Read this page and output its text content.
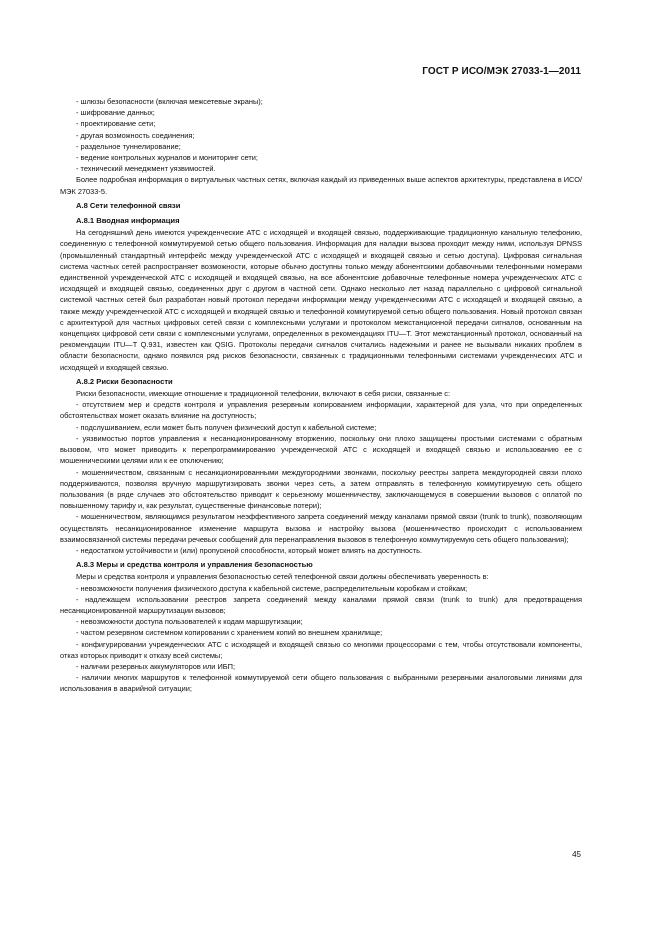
ГОСТ Р ИСО/МЭК 27033-1—2011

- шлюзы безопасности (включая межсетевые экраны);

- шифрование данных;

- проектирование сети;

- другая возможность соединения;

- раздельное туннелирование;

- ведение контрольных журналов и мониторинг сети;

- технический менеджмент уязвимостей.

Более подробная информация о виртуальных частных сетях, включая каждый из приведенных выше аспектов архитектуры, представлена в ИСО/МЭК 27033-5.

А.8 Сети телефонной связи
А.8.1 Вводная информация

На сегодняшний день имеются учрежденческие АТС с исходящей и входящей связью, поддерживающие традиционную канальную телефонию, соединенную с телефонной коммутируемой сетью общего пользования. Информация для наладки вызова проходит между ними, используя DPNSS (промышленный стандартный интерфейс между учрежденческой АТС с исходящей и входящей связью и сетью доступа). Цифровая сигнальная система частных сетей распространяет возможности, которые обычно доступны только между абонентскими добавочными телефонными номерами единственной учрежденческой АТС с исходящей и входящей связью, на все абонентские добавочные телефонные номера учрежденческих АТС с исходящей и входящей связью, соединенных друг с другом в частной сети. Однако несколько лет назад параллельно с цифровой сигнальной системой частных сетей был разработан новый протокол передачи информации между учрежденческими АТС с исходящей и входящей связью, а также между учрежденческой АТС с исходящей и входящей связью и телефонной коммутируемой сетью общего пользования. Новый протокол связан с архитектурой для частных цифровых сетей связи с комплексными услугами и протоколом межстанционной передачи сигналов, основанным на концепциях цифровой сети связи с комплексными услугами, определенных в рекомендациях ITU—T. Этот межстанционный протокол, основанный на рекомендации ITU—T Q.931, известен как QSIG. Протоколы передачи сигналов считались надежными и ранее не вызывали никаких проблем в области безопасности, однако появился ряд рисков безопасности, связанных с традиционными телефонными системами учрежденческих АТС и исходящей и входящей связью.

А.8.2 Риски безопасности

Риски безопасности, имеющие отношение к традиционной телефонии, включают в себя риски, связанные с:

- отсутствием мер и средств контроля и управления резервным копированием информации, характерной для узла, что при определенных обстоятельствах может оказать влияние на доступность;

- подслушиванием, если может быть получен физический доступ к кабельной системе;

- уязвимостью портов управления к несанкционированному вторжению, поскольку они плохо защищены простыми системами с обратным вызовом, что может приводить к перепрограммированию учрежденческой АТС с исходящей и входящей связью и использованию ее с мошенническими целями или к ее отключению;

- мошенничеством, связанным с несанкционированными междугородними звонками, поскольку реестры запрета междугородней связи плохо поддерживаются, позволяя вручную маршрутизировать звонки через сеть, а затем отправлять в телефонную коммутируемую сеть общего пользования (в ряде случаев это обстоятельство приводит к серьезному мошенничеству, заключающемуся в совершении вызовов с оплатой по повышенному тарифу и, как результат, существенные финансовые потери);

- мошенничеством, являющимся результатом неэффективного запрета соединений между каналами прямой связи (trunk to trunk), позволяющим осуществлять несанкционированное изменение маршрута вызова и настройку вызова (мошенничество происходит с использованием взаимосвязанной системы передачи речевых сообщений для перенаправления вызовов в телефонную коммутируемую сеть общего пользования);

- недостатком устойчивости и (или) пропускной способности, который может влиять на доступность.

А.8.3 Меры и средства контроля и управления безопасностью

Меры и средства контроля и управления безопасностью сетей телефонной связи должны обеспечивать уверенность в:

- невозможности получения физического доступа к кабельной системе, распределительным коробкам и стойкам;

- надлежащем использовании реестров запрета соединений между каналами прямой связи (trunk to trunk) для предотвращения несанкционированной маршрутизации вызовов;

- невозможности доступа пользователей к кодам маршрутизации;

- частом резервном системном копировании с хранением копий во внешнем хранилище;

- конфигурировании учрежденческих АТС с исходящей и входящей связью со многими процессорами с тем, чтобы отсутствовали компоненты, отказ которых приводит к отказу всей системы;

- наличии резервных аккумуляторов или ИБП;

- наличии многих маршрутов к телефонной коммутируемой сети общего пользования с выбранными резервными аналоговыми линиями для использования в аварийной ситуации;

45
